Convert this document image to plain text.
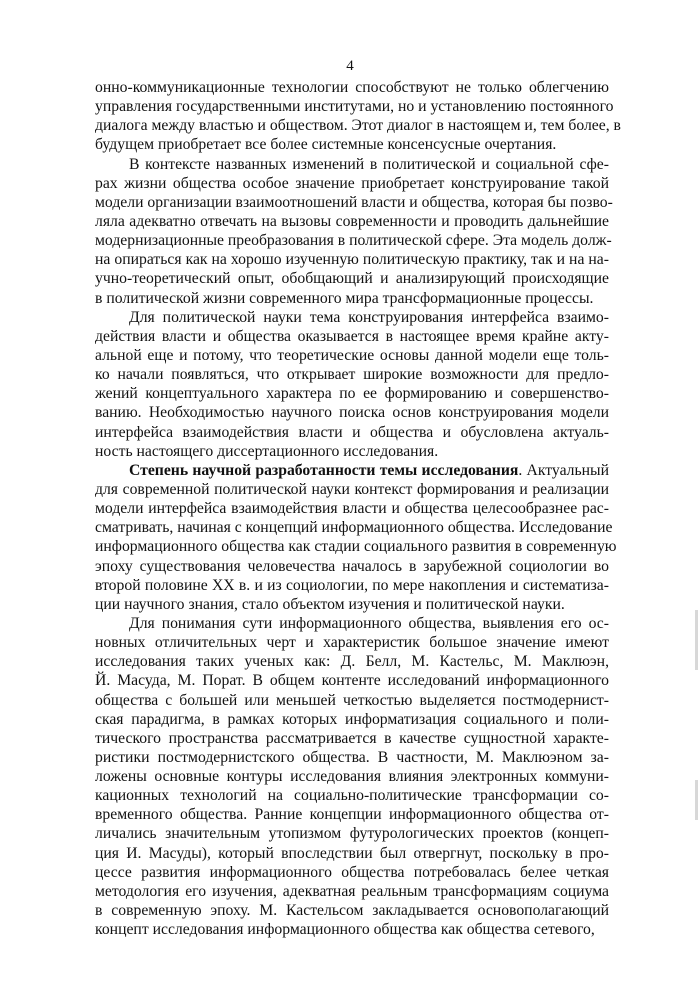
4
онно-коммуникационные технологии способствуют не только облегчению
управления государственными институтами, но и установлению постоянного
диалога между властью и обществом. Этот диалог в настоящем и, тем более, в
будущем приобретает все более системные консенсусные очертания.
В контексте названных изменений в политической и социальной сфе-
рах жизни общества особое значение приобретает конструирование такой
модели организации взаимоотношений власти и общества, которая бы позво-
ляла адекватно отвечать на вызовы современности и проводить дальнейшие
модернизационные преобразования в политической сфере. Эта модель долж-
на опираться как на хорошо изученную политическую практику, так и на на-
учно-теоретический опыт, обобщающий и анализирующий происходящие
в политической жизни современного мира трансформационные процессы.
Для политической науки тема конструирования интерфейса взаимо-
действия власти и общества оказывается в настоящее время крайне акту-
альной еще и потому, что теоретические основы данной модели еще толь-
ко начали появляться, что открывает широкие возможности для предло-
жений концептуального характера по ее формированию и совершенство-
ванию. Необходимостью научного поиска основ конструирования модели
интерфейса взаимодействия власти и общества и обусловлена актуаль-
ность настоящего диссертационного исследования.
Степень научной разработанности темы исследования. Актуальный
для современной политической науки контекст формирования и реализации
модели интерфейса взаимодействия власти и общества целесообразнее рас-
сматривать, начиная с концепций информационного общества. Исследование
информационного общества как стадии социального развития в современную
эпоху существования человечества началось в зарубежной социологии во
второй половине XX в. и из социологии, по мере накопления и систематиза-
ции научного знания, стало объектом изучения и политической науки.
Для понимания сути информационного общества, выявления его ос-
новных отличительных черт и характеристик большое значение имеют
исследования таких ученых как: Д. Белл, М. Кастельс, М. Маклюэн,
Й. Масуда, М. Порат. В общем контенте исследований информационного
общества с большей или меньшей четкостью выделяется постмодернист-
ская парадигма, в рамках которых информатизация социального и поли-
тического пространства рассматривается в качестве сущностной характе-
ристики постмодернистского общества. В частности, М. Маклюэном за-
ложены основные контуры исследования влияния электронных коммуни-
кационных технологий на социально-политические трансформации со-
временного общества. Ранние концепции информационного общества от-
личались значительным утопизмом футурологических проектов (концеп-
ция И. Масуды), который впоследствии был отвергнут, поскольку в про-
цессе развития информационного общества потребовалась белее четкая
методология его изучения, адекватная реальным трансформациям социума
в современную эпоху. М. Кастельсом закладывается основополагающий
концепт исследования информационного общества как общества сетевого,
